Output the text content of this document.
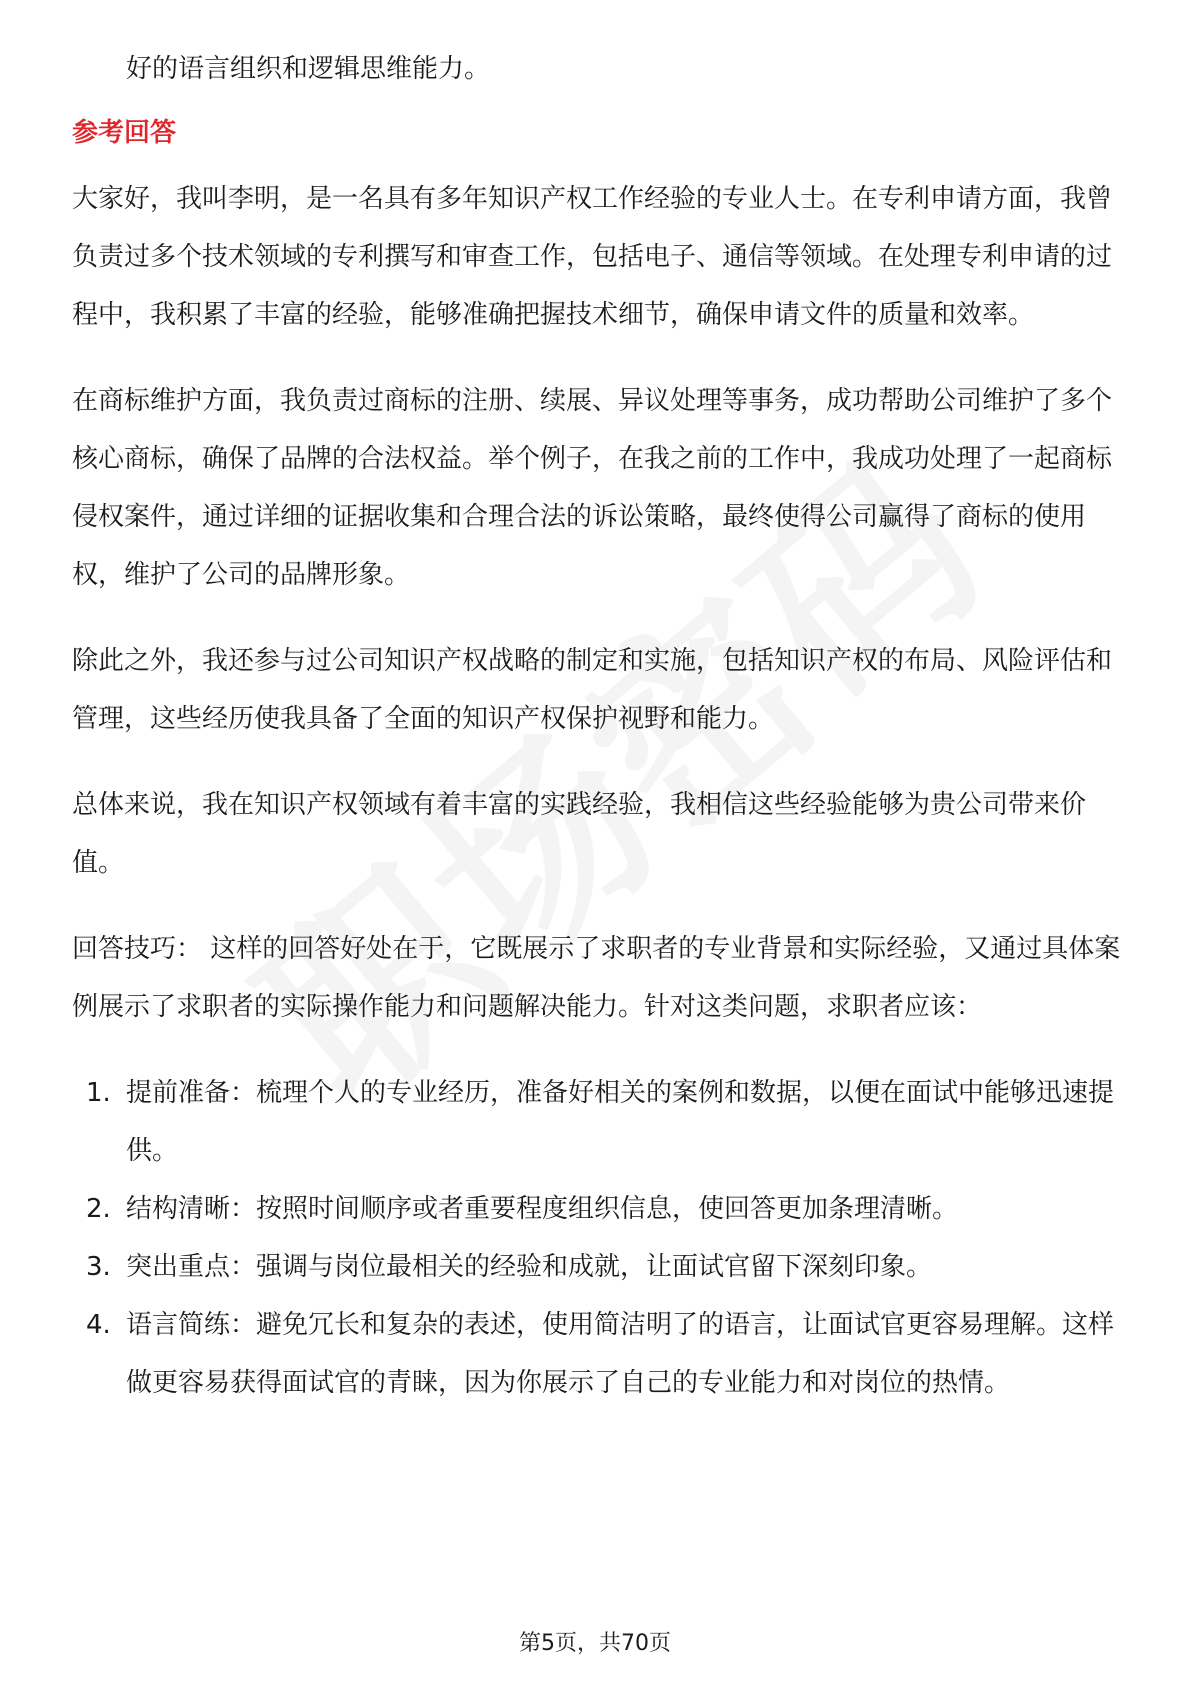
好的语言组织和逻辑思维能力。

参考回答

大家好，我叫李明，是一名具有多年知识产权工作经验的专业人士。在专利申请方面，我曾负责过多个技术领域的专利撰写和审查工作，包括电子、通信等领域。在处理专利申请的过程中，我积累了丰富的经验，能够准确把握技术细节，确保申请文件的质量和效率。

在商标维护方面，我负责过商标的注册、续展、异议处理等事务，成功帮助公司维护了多个核心商标，确保了品牌的合法权益。举个例子，在我之前的工作中，我成功处理了一起商标侵权案件，通过详细的证据收集和合理合法的诉讼策略，最终使得公司赢得了商标的使用权，维护了公司的品牌形象。

除此之外，我还参与过公司知识产权战略的制定和实施，包括知识产权的布局、风险评估和管理，这些经历使我具备了全面的知识产权保护视野和能力。

总体来说，我在知识产权领域有着丰富的实践经验，我相信这些经验能够为贵公司带来价值。

回答技巧： 这样的回答好处在于，它既展示了求职者的专业背景和实际经验，又通过具体案例展示了求职者的实际操作能力和问题解决能力。针对这类问题，求职者应该：

1. 提前准备：梳理个人的专业经历，准备好相关的案例和数据，以便在面试中能够迅速提供。
2. 结构清晰：按照时间顺序或者重要程度组织信息，使回答更加条理清晰。
3. 突出重点：强调与岗位最相关的经验和成就，让面试官留下深刻印象。
4. 语言简练：避免冗长和复杂的表述，使用简洁明了的语言，让面试官更容易理解。这样做更容易获得面试官的青睐，因为你展示了自己的专业能力和对岗位的热情。
第5页，共70页
